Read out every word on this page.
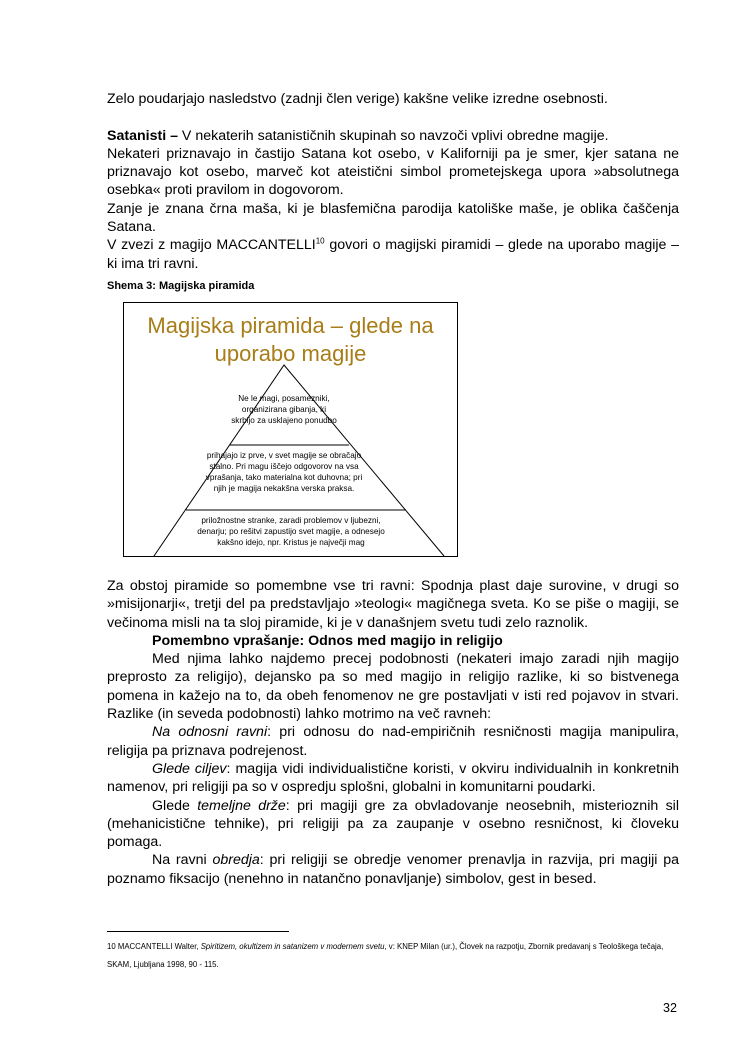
Zelo poudarjajo nasledstvo (zadnji člen verige) kakšne velike izredne osebnosti.

Satanisti – V nekaterih satanističnih skupinah so navzoči vplivi obredne magije.

Nekateri priznavajo in častijo Satana kot osebo, v Kaliforniji pa je smer, kjer satana ne priznavajo kot osebo, marveč kot ateistični simbol prometejskega upora »absolutnega osebka« proti pravilom in dogovorom.

Zanje je znana črna maša, ki je blasfemična parodija katoliške maše, je oblika čaščenja Satana.

V zvezi z magijo MACCANTELLI$^{10}$ govori o magijski piramidi – glede na uporabo magije – ki ima tri ravni.

Shema 3: Magijska piramida
Magijska piramida – glede na
uporabo magije
Ne le magi, posamezniki, organizirana gibanja, ki skrbijo za usklajeno ponudbo
prihajajo iz prve, v svet magije se obračajo stalno. Pri magu iščejo odgovorov na vsa vprašanja, tako materialna kot duhovna; pri njih je magija nekakšna verska praksa.
priložnostne stranke, zaradi problemov v ljubezni, denarju; po rešitvi zapustijo svet magije, a odnesejo kakšno idejo, npr. Kristus je največji mag

Za obstoj piramide so pomembne vse tri ravni: Spodnja plast daje surovine, v drugi so »misijonarji«, tretji del pa predstavljajo »teologi« magičnega sveta. Ko se piše o magiji, se večinoma misli na ta sloj piramide, ki je v današnjem svetu tudi zelo raznolik.

Pomembno vprašanje: Odnos med magijo in religijo

Med njima lahko najdemo precej podobnosti (nekateri imajo zaradi njih magijo preprosto za religijo), dejansko pa so med magijo in religijo razlike, ki so bistvenega pomena in kažejo na to, da obeh fenomenov ne gre postavljati v isti red pojavov in stvari. Razlike (in seveda podobnosti) lahko motrimo na več ravneh:

Na odnosni ravni: pri odnosu do nad-empiričnih resničnosti magija manipulira, religija pa priznava podrejenost.

Glede ciljev: magija vidi individualistične koristi, v okviru individualnih in konkretnih namenov, pri religiji pa so v ospredju splošni, globalni in komunitarni poudarki.

Glede temeljne drže: pri magiji gre za obvladovanje neosebnih, misterioznih sil (mehanicistične tehnike), pri religiji pa za zaupanje v osebno resničnost, ki človeku pomaga.

Na ravni obredja: pri religiji se obredje venomer prenavlja in razvija, pri magiji pa poznamo fiksacijo (nenehno in natančno ponavljanje) simbolov, gest in besed.

10 MACCANTELLI Walter, Spiritizem, okultizem in satanizem v modernem svetu, v: KNEP Milan (ur.), Človek na razpotju, Zbornik predavanj s Teološkega tečaja, SKAM, Ljubljana 1998, 90 - 115.
32
